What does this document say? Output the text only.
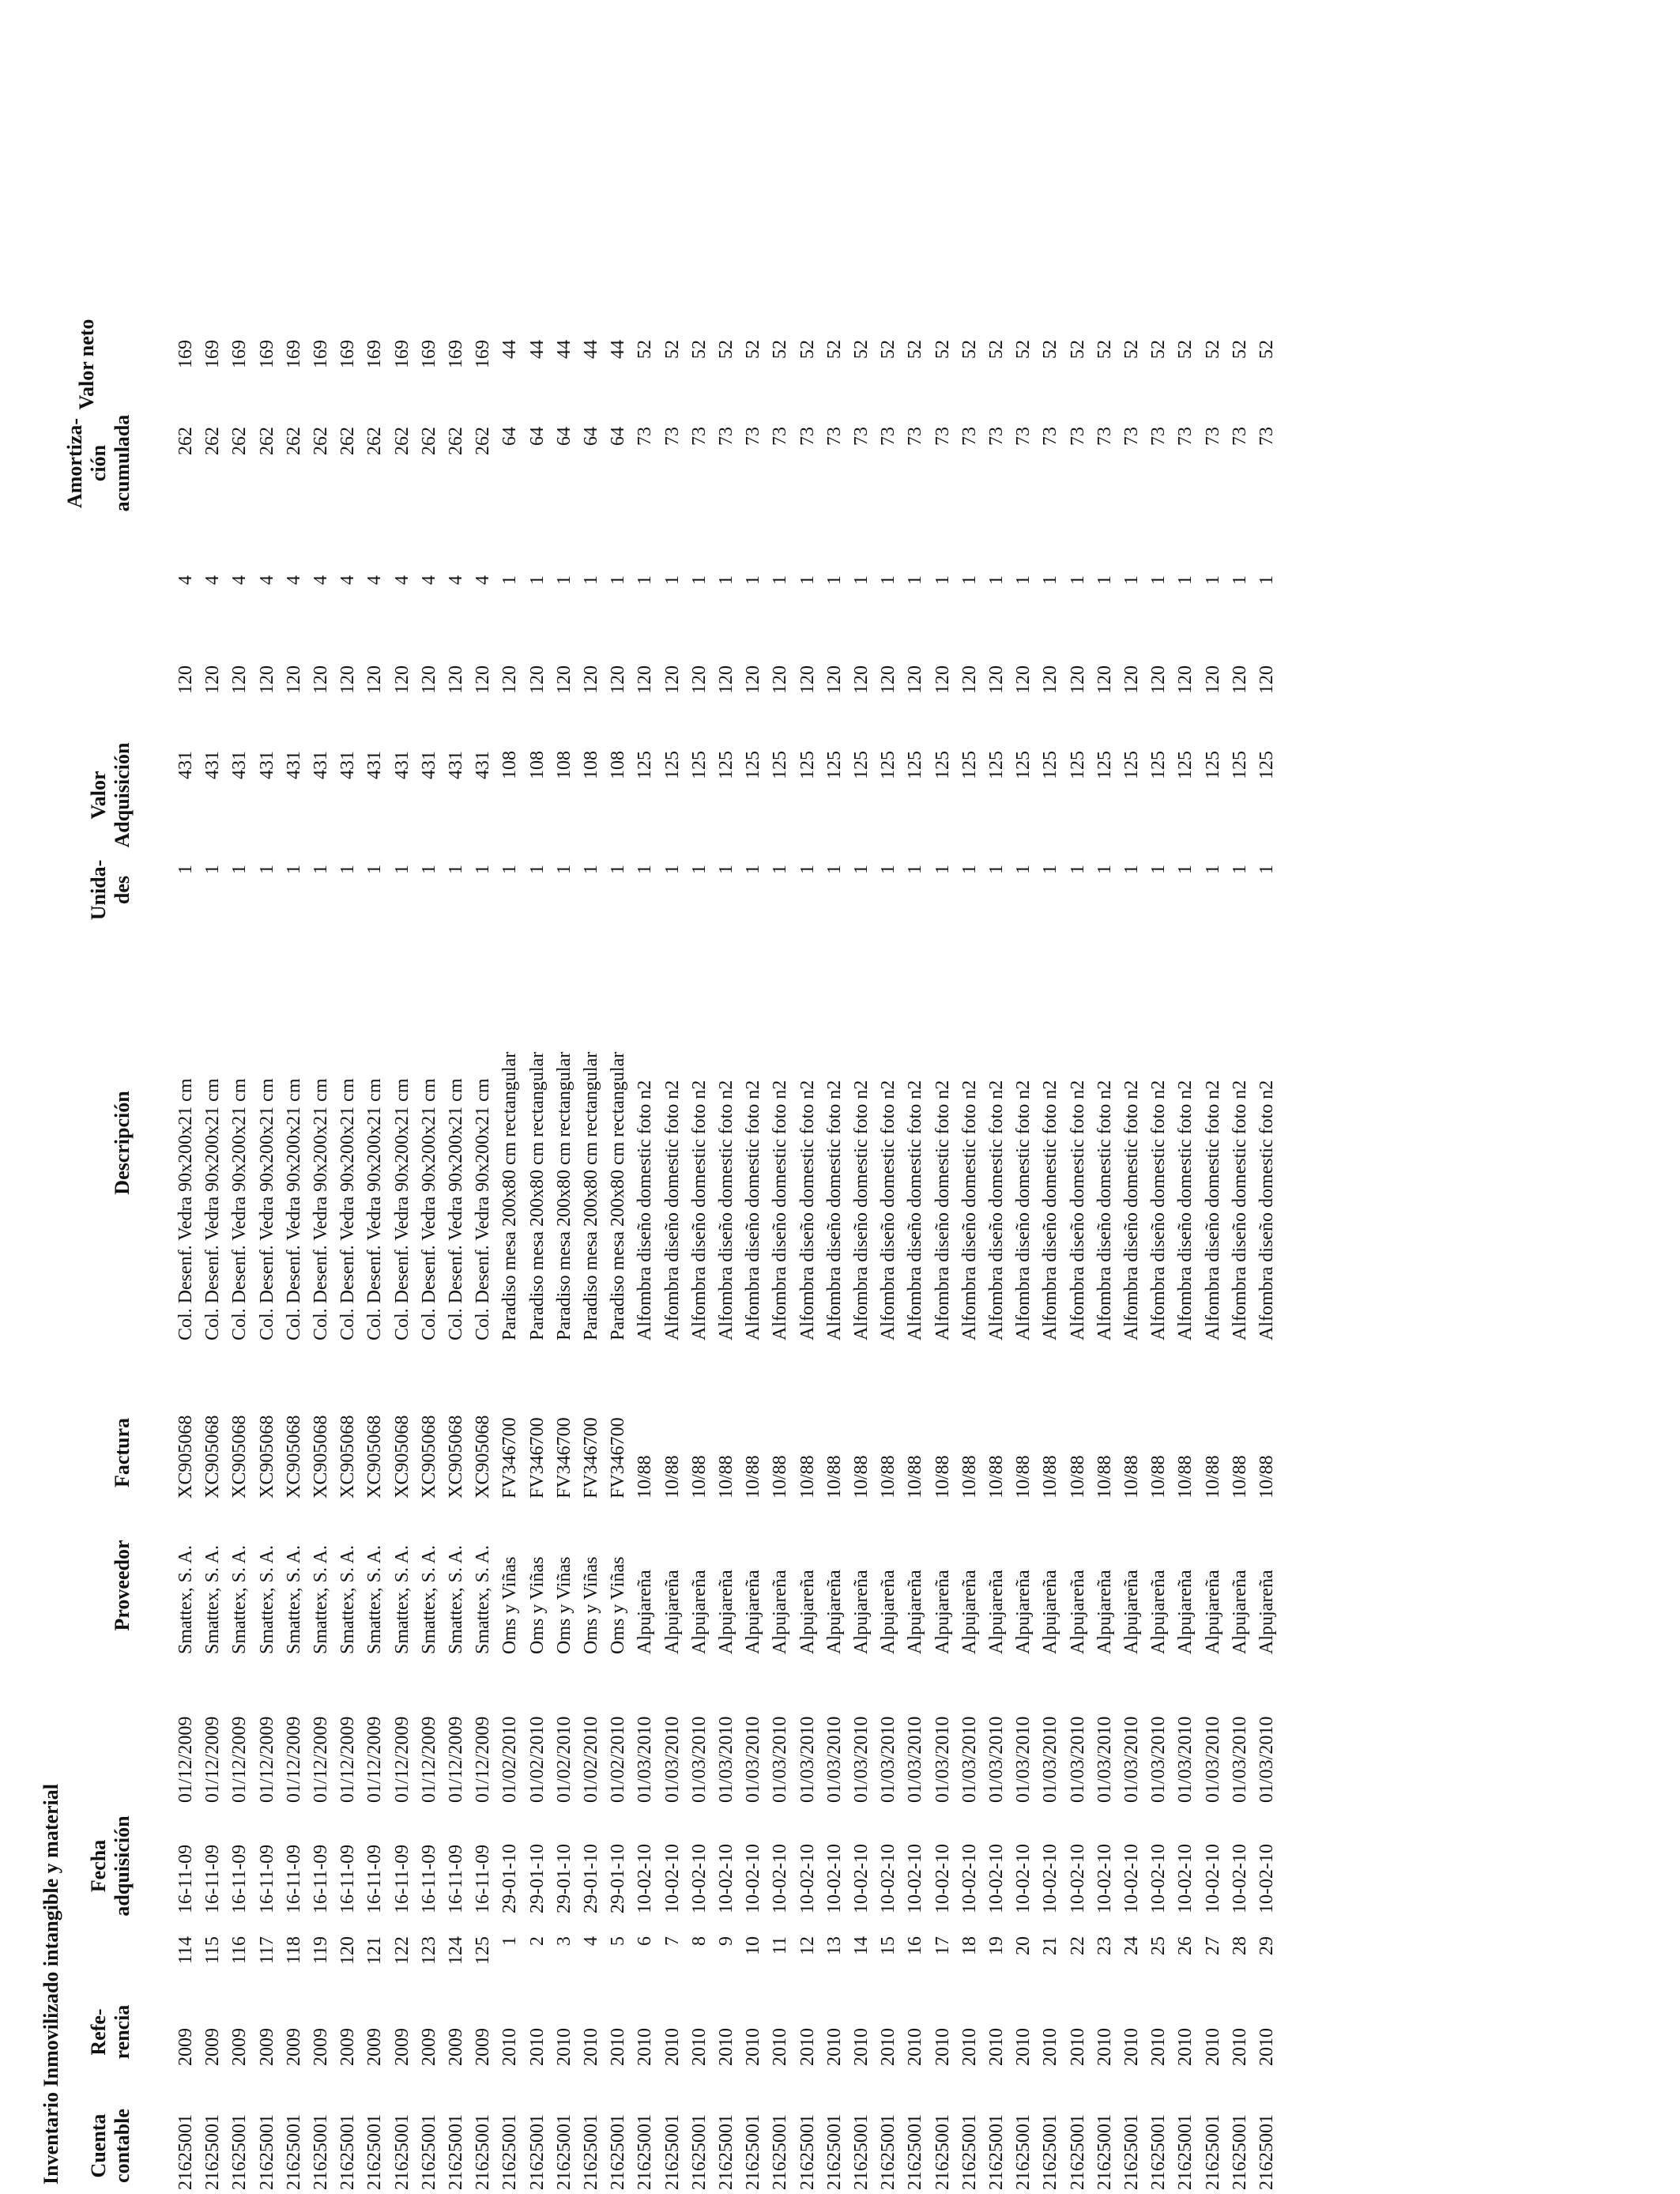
Inventario Inmovilizado intangible y material Cuenta contable
Refe- rencia
Fecha adquisición
Proveedor
Factura
Descripción
Unida- des
Valor Adquisición
Amortiza- ción acumulada
Valor neto
21625001
2009
114
16-11-09
01/12/2009
Smattex, S. A.
XC905068
Col. Desenf. Vedra 90x200x21 cm
1
431
120
4
262
169
21625001
2009
115
16-11-09
01/12/2009
Smattex, S. A.
XC905068
Col. Desenf. Vedra 90x200x21 cm
1
431
120
4
262
169
21625001
2009
116
16-11-09
01/12/2009
Smattex, S. A.
XC905068
Col. Desenf. Vedra 90x200x21 cm
1
431
120
4
262
169
21625001
2009
117
16-11-09
01/12/2009
Smattex, S. A.
XC905068
Col. Desenf. Vedra 90x200x21 cm
1
431
120
4
262
169
21625001
2009
118
16-11-09
01/12/2009
Smattex, S. A.
XC905068
Col. Desenf. Vedra 90x200x21 cm
1
431
120
4
262
169
21625001
2009
119
16-11-09
01/12/2009
Smattex, S. A.
XC905068
Col. Desenf. Vedra 90x200x21 cm
1
431
120
4
262
169
21625001
2009
120
16-11-09
01/12/2009
Smattex, S. A.
XC905068
Col. Desenf. Vedra 90x200x21 cm
1
431
120
4
262
169
21625001
2009
121
16-11-09
01/12/2009
Smattex, S. A.
XC905068
Col. Desenf. Vedra 90x200x21 cm
1
431
120
4
262
169
21625001
2009
122
16-11-09
01/12/2009
Smattex, S. A.
XC905068
Col. Desenf. Vedra 90x200x21 cm
1
431
120
4
262
169
21625001
2009
123
16-11-09
01/12/2009
Smattex, S. A.
XC905068
Col. Desenf. Vedra 90x200x21 cm
1
431
120
4
262
169
21625001
2009
124
16-11-09
01/12/2009
Smattex, S. A.
XC905068
Col. Desenf. Vedra 90x200x21 cm
1
431
120
4
262
169
21625001
2009
125
16-11-09
01/12/2009
Smattex, S. A.
XC905068
Col. Desenf. Vedra 90x200x21 cm
1
431
120
4
262
169
21625001
2010
1
29-01-10
01/02/2010
Oms y Viñas
FV346700
Paradiso mesa 200x80 cm rectangular
1
108
120
1
64
44
21625001
2010
2
29-01-10
01/02/2010
Oms y Viñas
FV346700
Paradiso mesa 200x80 cm rectangular
1
108
120
1
64
44
21625001
2010
3
29-01-10
01/02/2010
Oms y Viñas
FV346700
Paradiso mesa 200x80 cm rectangular
1
108
120
1
64
44
21625001
2010
4
29-01-10
01/02/2010
Oms y Viñas
FV346700
Paradiso mesa 200x80 cm rectangular
1
108
120
1
64
44
21625001
2010
5
29-01-10
01/02/2010
Oms y Viñas
FV346700
Paradiso mesa 200x80 cm rectangular
1
108
120
1
64
44
21625001
2010
6
10-02-10
01/03/2010
Alpujareña
10/88
Alfombra diseño domestic foto n2
1
125
120
1
73
52
21625001
2010
7
10-02-10
01/03/2010
Alpujareña
10/88
Alfombra diseño domestic foto n2
1
125
120
1
73
52
21625001
2010
8
10-02-10
01/03/2010
Alpujareña
10/88
Alfombra diseño domestic foto n2
1
125
120
1
73
52
21625001
2010
9
10-02-10
01/03/2010
Alpujareña
10/88
Alfombra diseño domestic foto n2
1
125
120
1
73
52
21625001
2010
10
10-02-10
01/03/2010
Alpujareña
10/88
Alfombra diseño domestic foto n2
1
125
120
1
73
52
21625001
2010
11
10-02-10
01/03/2010
Alpujareña
10/88
Alfombra diseño domestic foto n2
1
125
120
1
73
52
21625001
2010
12
10-02-10
01/03/2010
Alpujareña
10/88
Alfombra diseño domestic foto n2
1
125
120
1
73
52
21625001
2010
13
10-02-10
01/03/2010
Alpujareña
10/88
Alfombra diseño domestic foto n2
1
125
120
1
73
52
21625001
2010
14
10-02-10
01/03/2010
Alpujareña
10/88
Alfombra diseño domestic foto n2
1
125
120
1
73
52
21625001
2010
15
10-02-10
01/03/2010
Alpujareña
10/88
Alfombra diseño domestic foto n2
1
125
120
1
73
52
21625001
2010
16
10-02-10
01/03/2010
Alpujareña
10/88
Alfombra diseño domestic foto n2
1
125
120
1
73
52
21625001
2010
17
10-02-10
01/03/2010
Alpujareña
10/88
Alfombra diseño domestic foto n2
1
125
120
1
73
52
21625001
2010
18
10-02-10
01/03/2010
Alpujareña
10/88
Alfombra diseño domestic foto n2
1
125
120
1
73
52
21625001
2010
19
10-02-10
01/03/2010
Alpujareña
10/88
Alfombra diseño domestic foto n2
1
125
120
1
73
52
21625001
2010
20
10-02-10
01/03/2010
Alpujareña
10/88
Alfombra diseño domestic foto n2
1
125
120
1
73
52
21625001
2010
21
10-02-10
01/03/2010
Alpujareña
10/88
Alfombra diseño domestic foto n2
1
125
120
1
73
52
21625001
2010
22
10-02-10
01/03/2010
Alpujareña
10/88
Alfombra diseño domestic foto n2
1
125
120
1
73
52
21625001
2010
23
10-02-10
01/03/2010
Alpujareña
10/88
Alfombra diseño domestic foto n2
1
125
120
1
73
52
21625001
2010
24
10-02-10
01/03/2010
Alpujareña
10/88
Alfombra diseño domestic foto n2
1
125
120
1
73
52
21625001
2010
25
10-02-10
01/03/2010
Alpujareña
10/88
Alfombra diseño domestic foto n2
1
125
120
1
73
52
21625001
2010
26
10-02-10
01/03/2010
Alpujareña
10/88
Alfombra diseño domestic foto n2
1
125
120
1
73
52
21625001
2010
27
10-02-10
01/03/2010
Alpujareña
10/88
Alfombra diseño domestic foto n2
1
125
120
1
73
52
21625001
2010
28
10-02-10
01/03/2010
Alpujareña
10/88
Alfombra diseño domestic foto n2
1
125
120
1
73
52
21625001
2010
29
10-02-10
01/03/2010
Alpujareña
10/88
Alfombra diseño domestic foto n2
1
125
120
1
73
52
